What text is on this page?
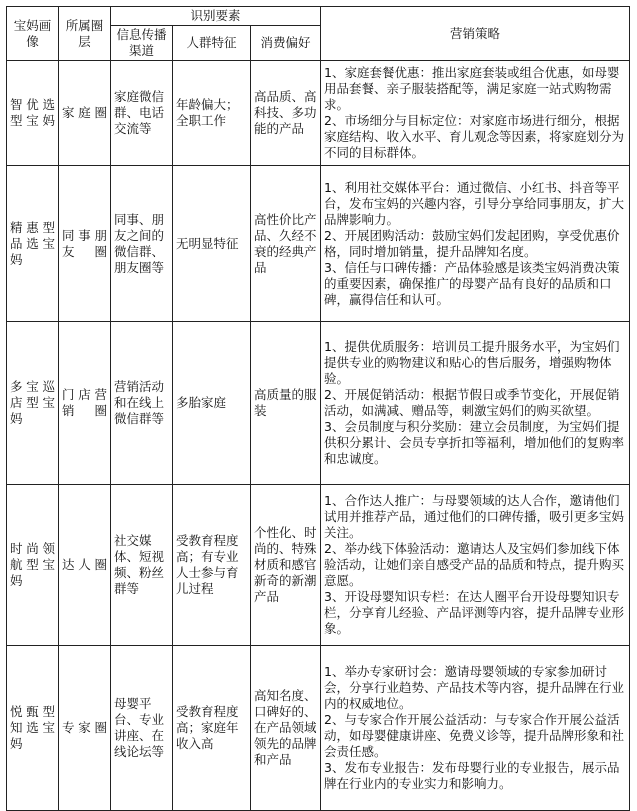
宝妈画像	所属圈层	识别要素			营销策略
		信息传播渠道	人群特征	消费偏好	
智优选型宝妈	家庭圈	家庭微信群、电话交流等	年龄偏大；全职工作	高品质、高科技、多功能的产品	1、家庭套餐优惠：推出家庭套装或组合优惠，如母婴用品套餐、亲子服装搭配等，满足家庭一站式购物需求。
2、市场细分与目标定位：对家庭市场进行细分，根据家庭结构、收入水平、育儿观念等因素，将家庭划分为不同的目标群体。

精惠型品选宝妈	同事朋友圈	同事、朋友之间的微信群、朋友圈等	无明显特征	高性价比产品、久经不衰的经典产品	1、利用社交媒体平台：通过微信、小红书、抖音等平台，发布宝妈的兴趣内容，引导分享给同事朋友，扩大品牌影响力。
2、开展团购活动：鼓励宝妈们发起团购，享受优惠价格，同时增加销量，提升品牌知名度。
3、信任与口碑传播：产品体验感是该类宝妈消费决策的重要因素，确保推广的母婴产品有良好的品质和口碑，赢得信任和认可。

多宝巡店型宝妈	门店营销圈	营销活动和在线上微信群等	多胎家庭	高质量的服装	1、提供优质服务：培训员工提升服务水平，为宝妈们提供专业的购物建议和贴心的售后服务，增强购物体验。
2、开展促销活动：根据节假日或季节变化，开展促销活动，如满减、赠品等，刺激宝妈们的购买欲望。
3、会员制度与积分奖励：建立会员制度，为宝妈们提供积分累计、会员专享折扣等福利，增加他们的复购率和忠诚度。

时尚领航型宝妈	达人圈	社交媒体、短视频、粉丝群等	受教育程度高；有专业人士参与育儿过程	个性化、时尚的、特殊材质和感官新奇的新潮产品	1、合作达人推广：与母婴领域的达人合作，邀请他们试用并推荐产品，通过他们的口碑传播，吸引更多宝妈关注。
2、举办线下体验活动：邀请达人及宝妈们参加线下体验活动，让她们亲自感受产品的品质和特点，提升购买意愿。
3、开设母婴知识专栏：在达人圈平台开设母婴知识专栏，分享育儿经验、产品评测等内容，提升品牌专业形象。

悦甄型知选宝妈	专家圈	母婴平台、专业讲座、在线论坛等	受教育程度高；家庭年收入高	高知名度、口碑好的、在产品领域领先的品牌和产品	1、举办专家研讨会：邀请母婴领域的专家参加研讨会，分享行业趋势、产品技术等内容，提升品牌在行业内的权威地位。
2、与专家合作开展公益活动：与专家合作开展公益活动，如母婴健康讲座、免费义诊等，提升品牌形象和社会责任感。
3、发布专业报告：发布母婴行业的专业报告，展示品牌在行业内的专业实力和影响力。
